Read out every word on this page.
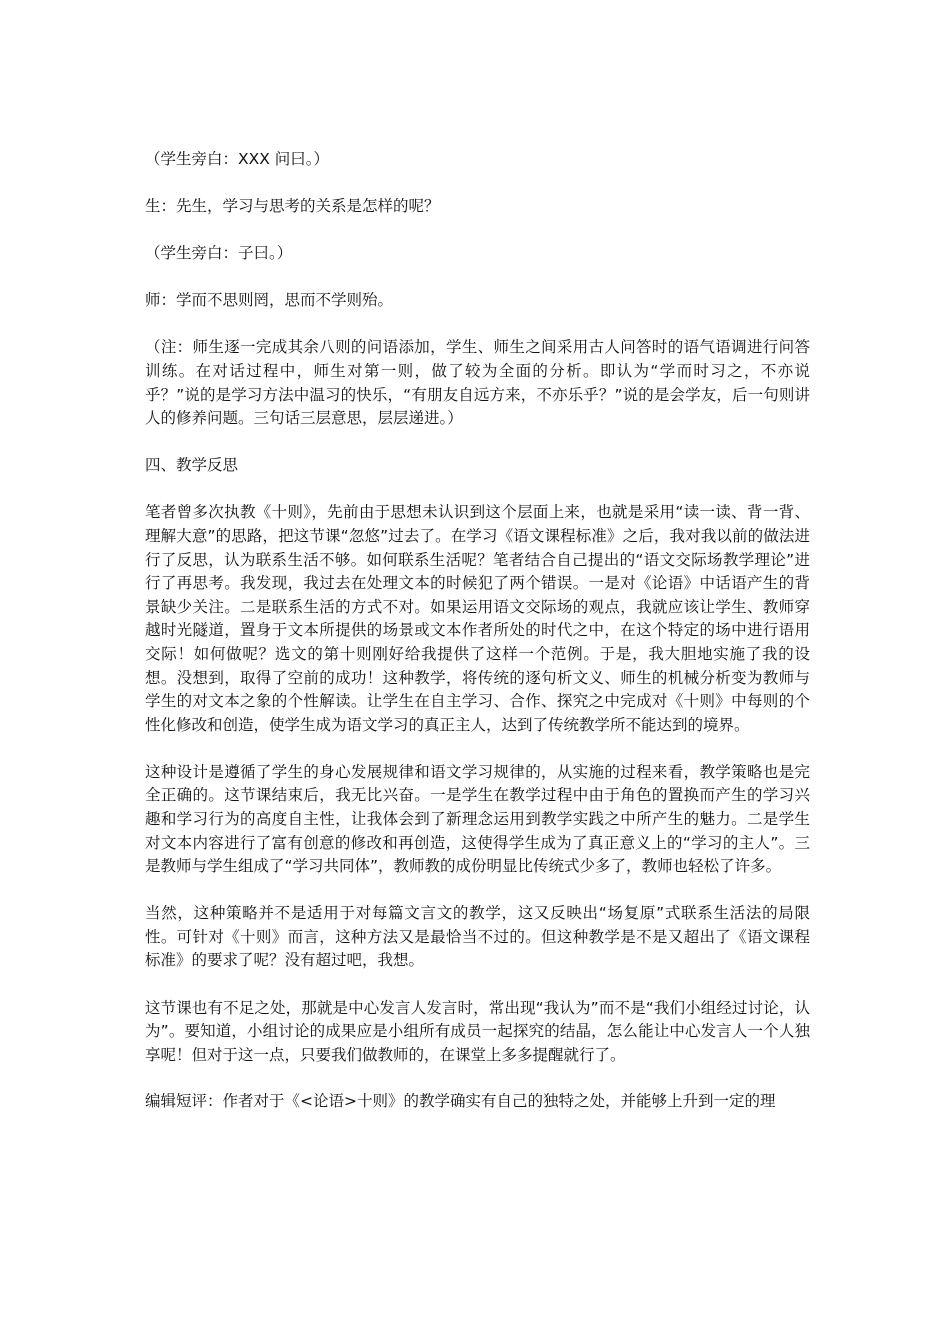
（学生旁白：XXX 问曰。）

生：先生，学习与思考的关系是怎样的呢？

（学生旁白：子曰。）

师：学而不思则罔，思而不学则殆。

（注：师生逐一完成其余八则的问语添加，学生、师生之间采用古人问答时的语气语调进行问答训练。在对话过程中，师生对第一则，做了较为全面的分析。即认为“学而时习之，不亦说乎？”说的是学习方法中温习的快乐，“有朋友自远方来，不亦乐乎？”说的是会学友，后一句则讲人的修养问题。三句话三层意思，层层递进。）

四、教学反思

笔者曾多次执教《十则》，先前由于思想未认识到这个层面上来，也就是采用“读一读、背一背、理解大意”的思路，把这节课“忽悠”过去了。在学习《语文课程标准》之后，我对我以前的做法进行了反思，认为联系生活不够。如何联系生活呢？笔者结合自己提出的“语文交际场教学理论”进行了再思考。我发现，我过去在处理文本的时候犯了两个错误。一是对《论语》中话语产生的背景缺少关注。二是联系生活的方式不对。如果运用语文交际场的观点，我就应该让学生、教师穿越时光隧道，置身于文本所提供的场景或文本作者所处的时代之中，在这个特定的场中进行语用交际！如何做呢？选文的第十则刚好给我提供了这样一个范例。于是，我大胆地实施了我的设想。没想到，取得了空前的成功！这种教学，将传统的逐句析文义、师生的机械分析变为教师与学生的对文本之象的个性解读。让学生在自主学习、合作、探究之中完成对《十则》中每则的个性化修改和创造，使学生成为语文学习的真正主人，达到了传统教学所不能达到的境界。

这种设计是遵循了学生的身心发展规律和语文学习规律的，从实施的过程来看，教学策略也是完全正确的。这节课结束后，我无比兴奋。一是学生在教学过程中由于角色的置换而产生的学习兴趣和学习行为的高度自主性，让我体会到了新理念运用到教学实践之中所产生的魅力。二是学生对文本内容进行了富有创意的修改和再创造，这使得学生成为了真正意义上的“学习的主人”。三是教师与学生组成了“学习共同体”，教师教的成份明显比传统式少多了，教师也轻松了许多。

当然，这种策略并不是适用于对每篇文言文的教学，这又反映出“场复原”式联系生活法的局限性。可针对《十则》而言，这种方法又是最恰当不过的。但这种教学是不是又超出了《语文课程标准》的要求了呢？没有超过吧，我想。

这节课也有不足之处，那就是中心发言人发言时，常出现“我认为”而不是“我们小组经过讨论，认为”。要知道，小组讨论的成果应是小组所有成员一起探究的结晶，怎么能让中心发言人一个人独享呢！但对于这一点，只要我们做教师的，在课堂上多多提醒就行了。

编辑短评：作者对于《<论语>十则》的教学确实有自己的独特之处，并能够上升到一定的理
